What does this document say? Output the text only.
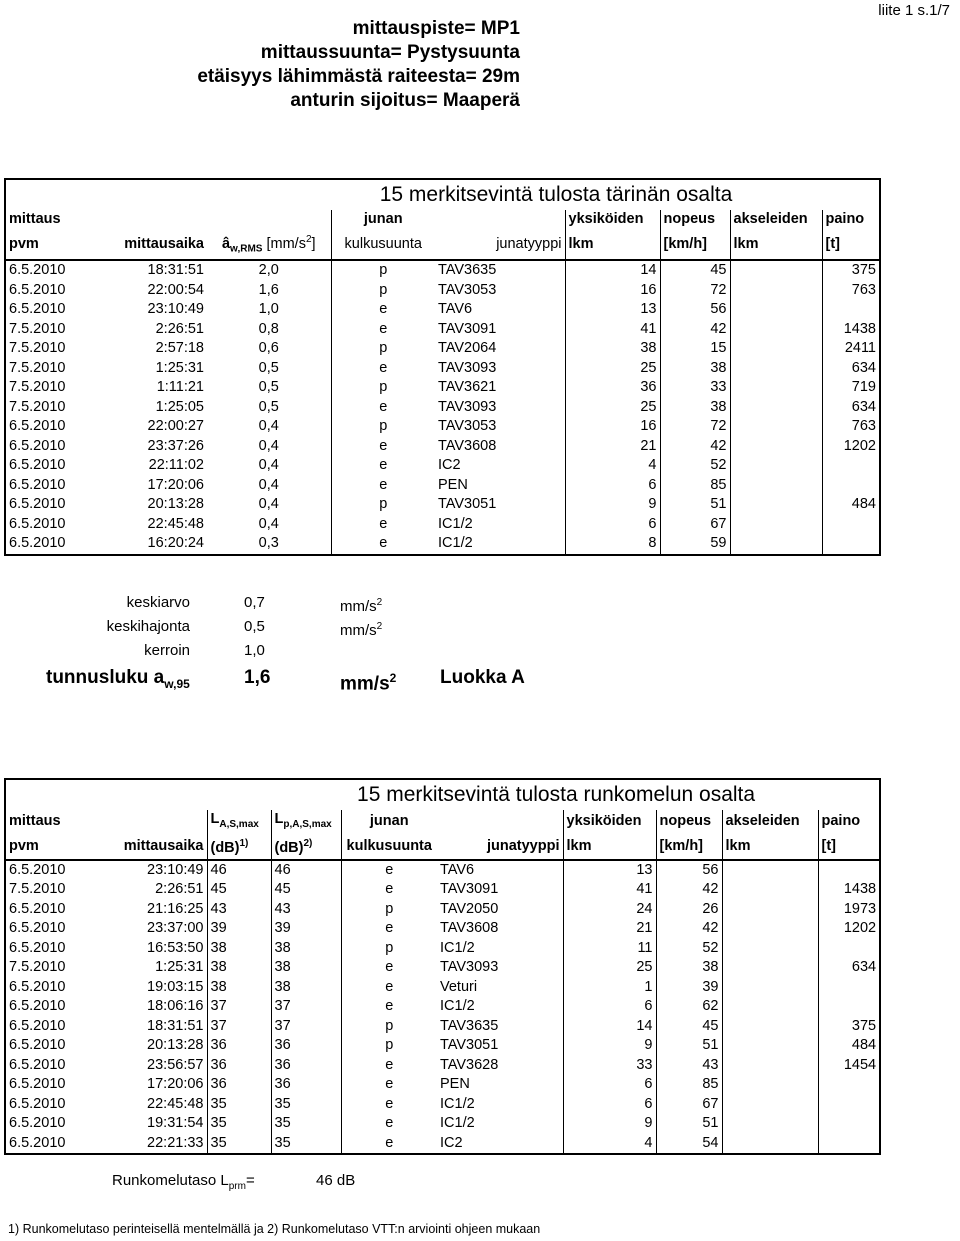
liite 1 s.1/7
mittauspiste= MP1
mittaussuunta= Pystysuunta
etäisyys lähimmästä raiteesta= 29m
anturin sijoitus= Maaperä
15 merkitsevintä tulosta tärinän osalta								
mittaus			junan		yksiköiden	nopeus	akseleiden	paino
pvm	mittausaika	$â_{w,RMS}$ $[mm/s^2]$	kulkusuunta	junatyyppi	lkm	[km/h]	lkm	[t]
6.5.2010	18:31:51	2,0	p	TAV3635	14	45		375
6.5.2010	22:00:54	1,6	p	TAV3053	16	72		763
6.5.2010	23:10:49	1,0	e	TAV6	13	56		
7.5.2010	2:26:51	0,8	e	TAV3091	41	42		1438
7.5.2010	2:57:18	0,6	p	TAV2064	38	15		2411
7.5.2010	1:25:31	0,5	e	TAV3093	25	38		634
7.5.2010	1:11:21	0,5	p	TAV3621	36	33		719
7.5.2010	1:25:05	0,5	e	TAV3093	25	38		634
6.5.2010	22:00:27	0,4	p	TAV3053	16	72		763
6.5.2010	23:37:26	0,4	e	TAV3608	21	42		1202
6.5.2010	22:11:02	0,4	e	IC2	4	52		
6.5.2010	17:20:06	0,4	e	PEN	6	85		
6.5.2010	20:13:28	0,4	p	TAV3051	9	51		484
6.5.2010	22:45:48	0,4	e	IC1/2	6	67		
6.5.2010	16:20:24	0,3	e	IC1/2	8	59		
keskiarvo	0,7	$mm/s^2$
keskihajonta	0,5	$mm/s^2$
kerroin	1,0
tunnusluku $a_{w,95}$	1,6	$mm/s^2$ Luokka A
15 merkitsevintä tulosta runkomelun osalta									
mittaus		$L_{A,S,max}$	$L_{p,A,S,max}$	junan		yksiköiden	nopeus	akseleiden	paino
pvm	mittausaika	(dB)$^{1)}$	(dB)$^{2)}$	kulkusuunta	junatyyppi	lkm	[km/h]	lkm	[t]
6.5.2010	23:10:49	46	46	e	TAV6	13	56		
7.5.2010	2:26:51	45	45	e	TAV3091	41	42		1438
6.5.2010	21:16:25	43	43	p	TAV2050	24	26		1973
6.5.2010	23:37:00	39	39	e	TAV3608	21	42		1202
6.5.2010	16:53:50	38	38	p	IC1/2	11	52		
7.5.2010	1:25:31	38	38	e	TAV3093	25	38		634
6.5.2010	19:03:15	38	38	e	Veturi	1	39		
6.5.2010	18:06:16	37	37	e	IC1/2	6	62		
6.5.2010	18:31:51	37	37	p	TAV3635	14	45		375
6.5.2010	20:13:28	36	36	p	TAV3051	9	51		484
6.5.2010	23:56:57	36	36	e	TAV3628	33	43		1454
6.5.2010	17:20:06	36	36	e	PEN	6	85		
6.5.2010	22:45:48	35	35	e	IC1/2	6	67		
6.5.2010	19:31:54	35	35	e	IC1/2	9	51		
6.5.2010	22:21:33	35	35	e	IC2	4	54		
Runkomelutaso $L_{prm}=$	46 dB
1) Runkomelutaso perinteisellä mentelmällä ja 2) Runkomelutaso VTT:n arviointi ohjeen mukaan
